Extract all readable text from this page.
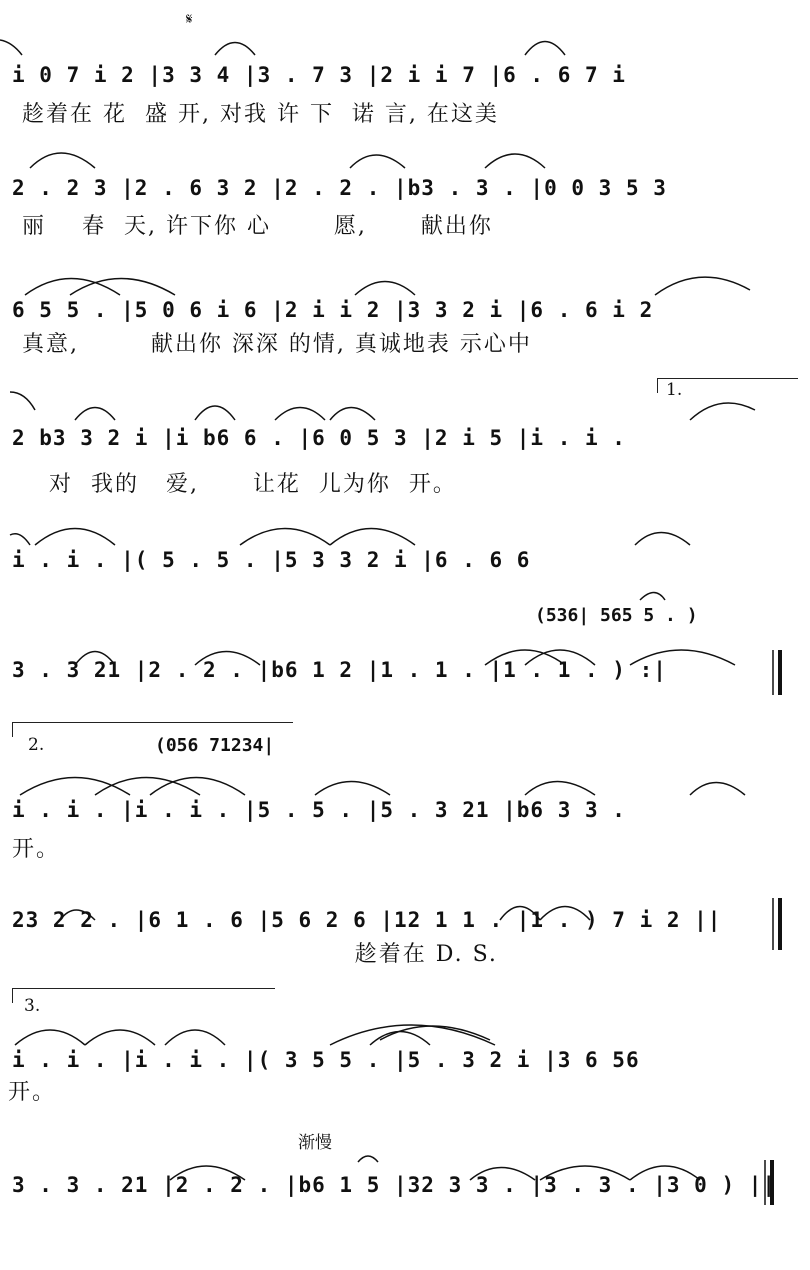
𝄋
i 0 7 i 2 |3 3 4 |3 . 7 3 |2 i i 7 |6 . 6 7 i
趁着在 花  盛 开, 对我 许 下  诺 言, 在这美
2 . 2 3 |2 . 6 3 2 |2 . 2 . |b3 . 3 . |0 0 3 5 3
丽    春  天, 许下你 心       愿,      献出你
6 5 5 . |5 0 6 i 6 |2 i i 2 |3 3 2 i |6 . 6 i 2
真意,        献出你 深深 的情, 真诚地表 示心中
1.
2 b3 3 2 i |i b6 6 . |6 0 5 3 |2 i 5 |i . i .
对  我的   爱,      让花  儿为你  开。
i . i . |( 5 . 5 . |5 3 3 2 i |6 . 6 6
(536| 565 5 . )
3 . 3 21 |2 . 2 . |b6 1 2 |1 . 1 . |1 . 1 . ) :|
2.	(056 71234|
i . i . |i . i . |5 . 5 . |5 . 3 21 |b6 3 3 .
开。
23 2 2 . |6 1 . 6 |5 6 2 6 |12 1 1 . |1 . ) 7 i 2 ||
趁着在 D. S.
3.
i . i . |i . i . |( 3 5 5 . |5 . 3 2 i |3 6 56
开。
渐慢
3 . 3 . 21 |2 . 2 . |b6 1 5 |32 3 3 . |3 . 3 . |3 0 ) ||
